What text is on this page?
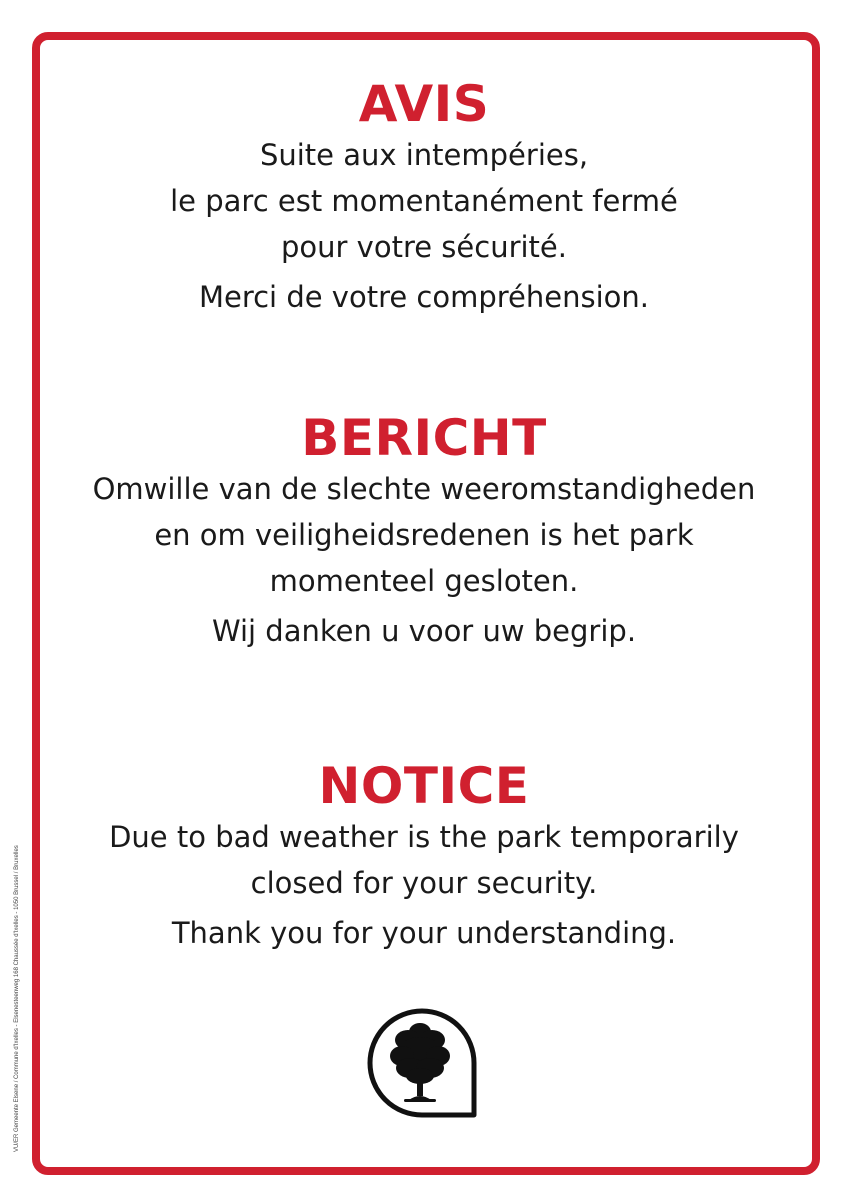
AVIS
Suite aux intempéries,
le parc est momentanément fermé
pour votre sécurité.
Merci de votre compréhension.
BERICHT
Omwille van de slechte weeromstandigheden
en om veiligheidsredenen is het park
momenteel gesloten.
Wij danken u voor uw begrip.
NOTICE
Due to bad weather is the park temporarily
closed for your security.
Thank you for your understanding.
VU/ER Gemeente Elsene / Commune d'Ixelles - Elsenesteenweg 168 Chaussée d'Ixelles - 1050 Brussel / Bruxelles
